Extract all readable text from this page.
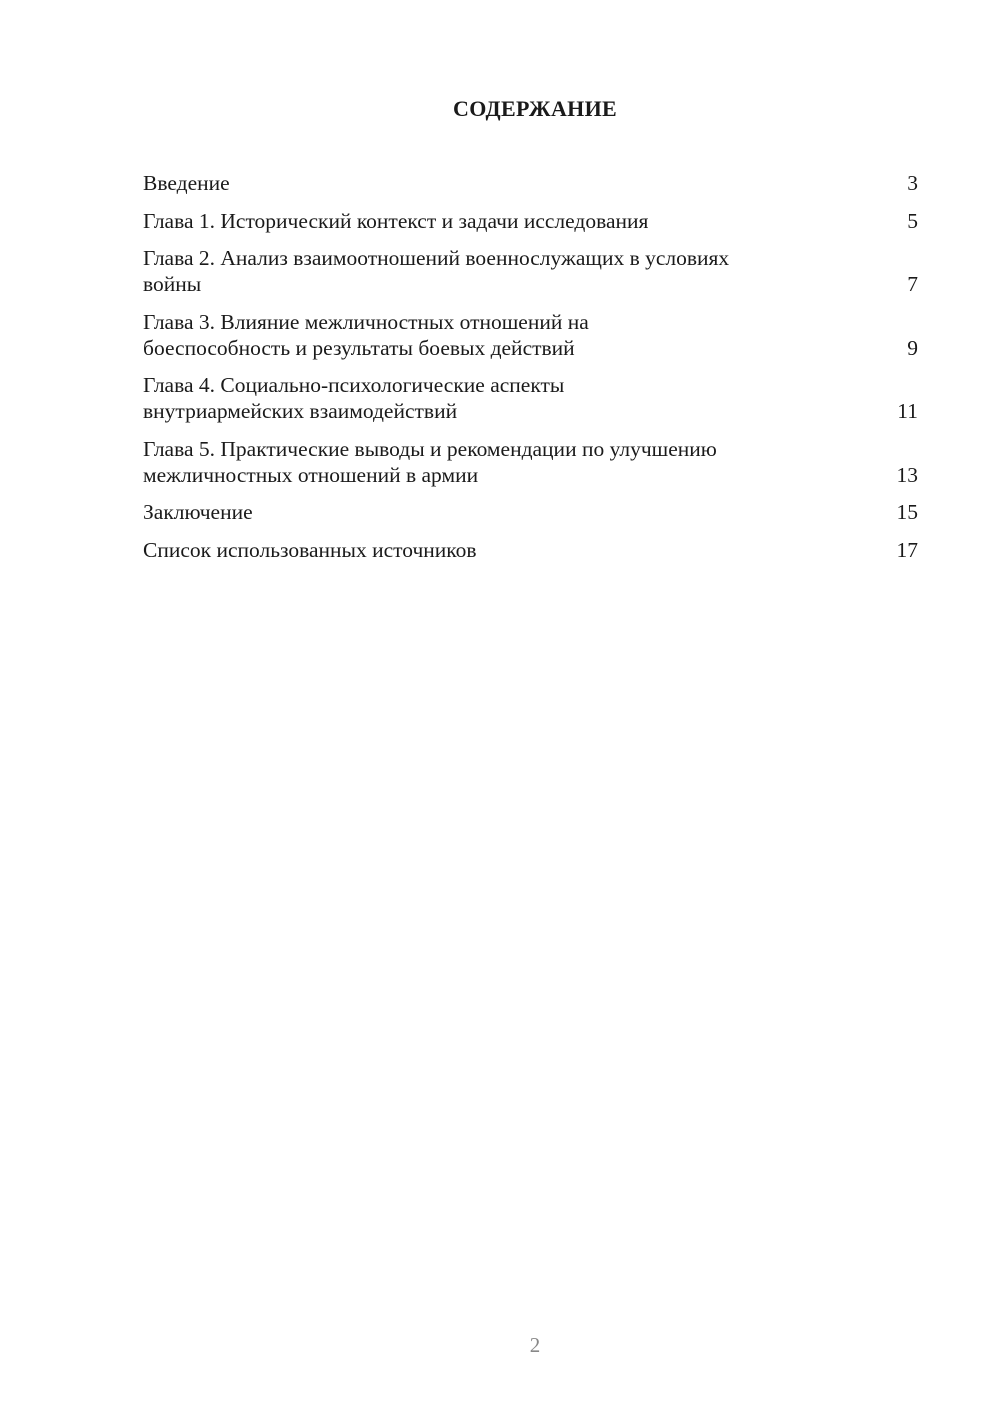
СОДЕРЖАНИЕ
Введение	3
Глава 1. Исторический контекст и задачи исследования	5
Глава 2. Анализ взаимоотношений военнослужащих в условиях
войны	7
Глава 3. Влияние межличностных отношений на
боеспособность и результаты боевых действий	9
Глава 4. Социально-психологические аспекты
внутриармейских взаимодействий	11
Глава 5. Практические выводы и рекомендации по улучшению
межличностных отношений в армии	13
Заключение	15
Список использованных источников	17
2
